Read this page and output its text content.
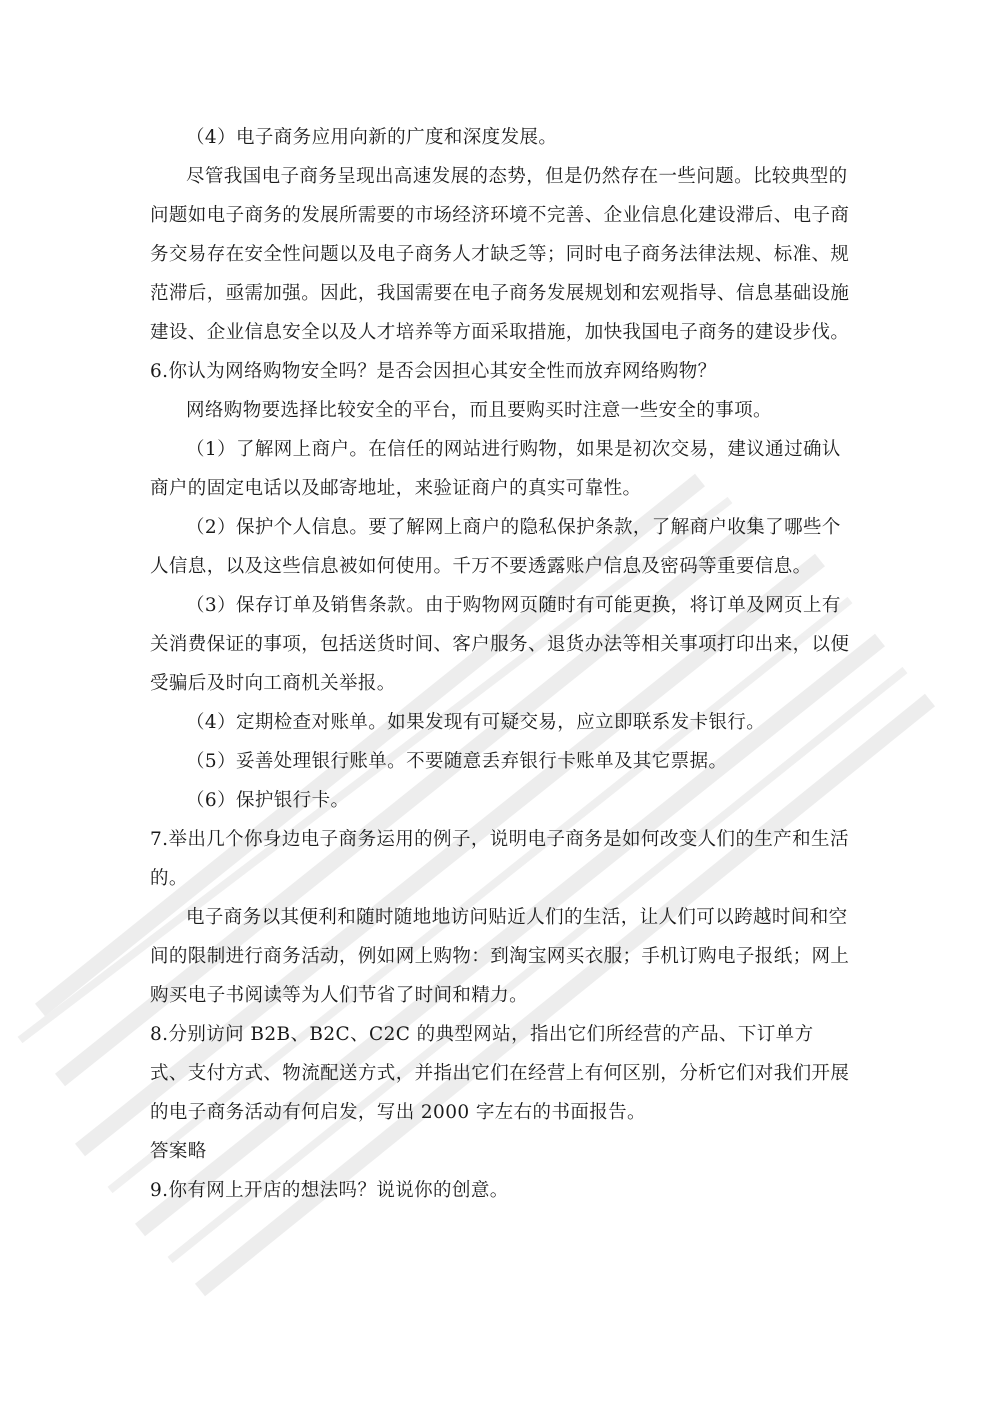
（4）电子商务应用向新的广度和深度发展。

尽管我国电子商务呈现出高速发展的态势，但是仍然存在一些问题。比较典型的问题如电子商务的发展所需要的市场经济环境不完善、企业信息化建设滞后、电子商务交易存在安全性问题以及电子商务人才缺乏等；同时电子商务法律法规、标准、规范滞后，亟需加强。因此，我国需要在电子商务发展规划和宏观指导、信息基础设施建设、企业信息安全以及人才培养等方面采取措施，加快我国电子商务的建设步伐。

6.你认为网络购物安全吗？是否会因担心其安全性而放弃网络购物？

网络购物要选择比较安全的平台，而且要购买时注意一些安全的事项。

（1）了解网上商户。在信任的网站进行购物，如果是初次交易，建议通过确认商户的固定电话以及邮寄地址，来验证商户的真实可靠性。

（2）保护个人信息。要了解网上商户的隐私保护条款，了解商户收集了哪些个人信息，以及这些信息被如何使用。千万不要透露账户信息及密码等重要信息。

（3）保存订单及销售条款。由于购物网页随时有可能更换，将订单及网页上有关消费保证的事项，包括送货时间、客户服务、退货办法等相关事项打印出来，以便受骗后及时向工商机关举报。

（4）定期检查对账单。如果发现有可疑交易，应立即联系发卡银行。

（5）妥善处理银行账单。不要随意丢弃银行卡账单及其它票据。

（6）保护银行卡。

7.举出几个你身边电子商务运用的例子，说明电子商务是如何改变人们的生产和生活的。

电子商务以其便利和随时随地地访问贴近人们的生活，让人们可以跨越时间和空间的限制进行商务活动，例如网上购物：到淘宝网买衣服；手机订购电子报纸；网上购买电子书阅读等为人们节省了时间和精力。

8.分别访问 B2B、B2C、C2C 的典型网站，指出它们所经营的产品、下订单方式、支付方式、物流配送方式，并指出它们在经营上有何区别，分析它们对我们开展的电子商务活动有何启发，写出 2000 字左右的书面报告。

答案略

9.你有网上开店的想法吗？说说你的创意。
